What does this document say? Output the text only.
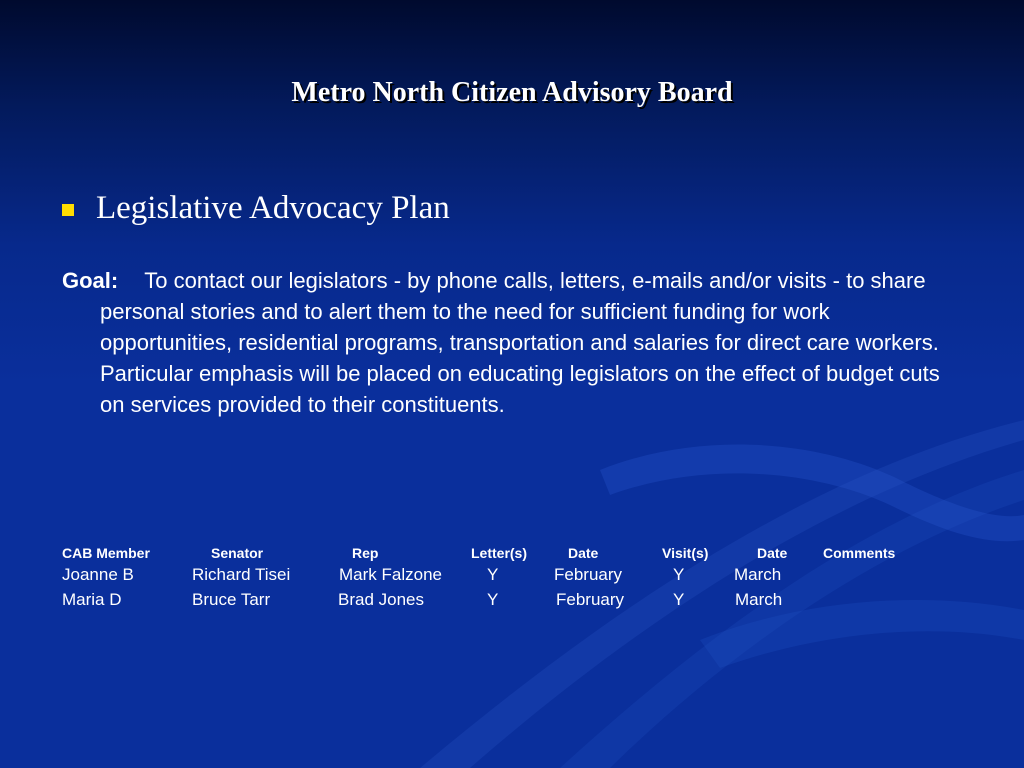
Metro North Citizen Advisory Board
Legislative Advocacy Plan
Goal: To contact our legislators - by phone calls, letters, e-mails and/or visits - to share personal stories and to alert them to the need for sufficient funding for work opportunities, residential programs, transportation and salaries for direct care workers. Particular emphasis will be placed on educating legislators on the effect of budget cuts on services provided to their constituents.
CAB Member	Senator	Rep	Letter(s)	Date	Visit(s)	Date	Comments
Joanne B	Richard Tisei	Mark Falzone	Y	February	Y	March
Maria D	Bruce Tarr	Brad Jones	Y	February	Y	March
